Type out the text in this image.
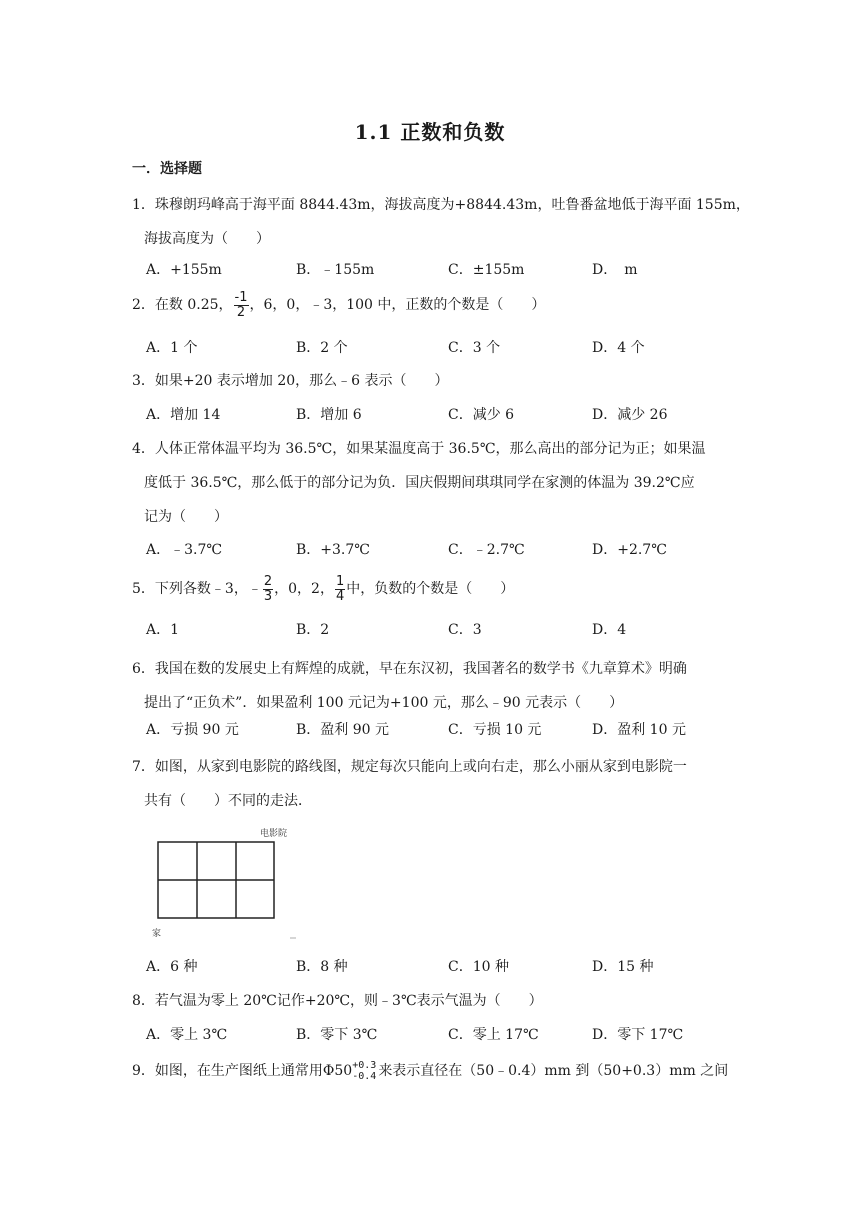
1.1 正数和负数
一．选择题
1．珠穆朗玛峰高于海平面 8844.43m，海拔高度为+8844.43m，吐鲁番盆地低于海平面 155m，
海拔高度为（　　）
A．+155m	B．﹣155m	C．±155m	D．　m
2．在数 0.25， $\frac{-1}{2}$ ，6，0，﹣3，100 中，正数的个数是（　　）
A．1 个	B．2 个	C．3 个	D．4 个
3．如果+20 表示增加 20，那么﹣6 表示（　　）
A．增加 14	B．增加 6	C．减少 6	D．减少 26
4．人体正常体温平均为 36.5℃，如果某温度高于 36.5℃，那么高出的部分记为正；如果温
度低于 36.5℃，那么低于的部分记为负．国庆假期间琪琪同学在家测的体温为 39.2℃应
记为（　　）
A．﹣3.7℃	B．+3.7℃	C．﹣2.7℃	D．+2.7℃
5．下列各数﹣3，﹣ $\frac{2}{3}$ ，0，2， $\frac{1}{4}$ 中，负数的个数是（　　）
A．1	B．2	C．3	D．4
6．我国在数的发展史上有辉煌的成就，早在东汉初，我国著名的数学书《九章算术》明确
提出了“正负术”．如果盈利 100 元记为+100 元，那么﹣90 元表示（　　）
A．亏损 90 元	B．盈利 90 元	C．亏损 10 元	D．盈利 10 元
7．如图，从家到电影院的路线图，规定每次只能向上或向右走，那么小丽从家到电影院一
共有（　　）不同的走法．
电影院
家
A．6 种	B．8 种	C．10 种	D．15 种
8．若气温为零上 20℃记作+20℃，则﹣3℃表示气温为（　　）
A．零上 3℃	B．零下 3℃	C．零上 17℃	D．零下 17℃
9．如图，在生产图纸上通常用Φ50 +0.3
-0.4 来表示直径在（50﹣0.4）mm 到（50+0.3）mm 之间
